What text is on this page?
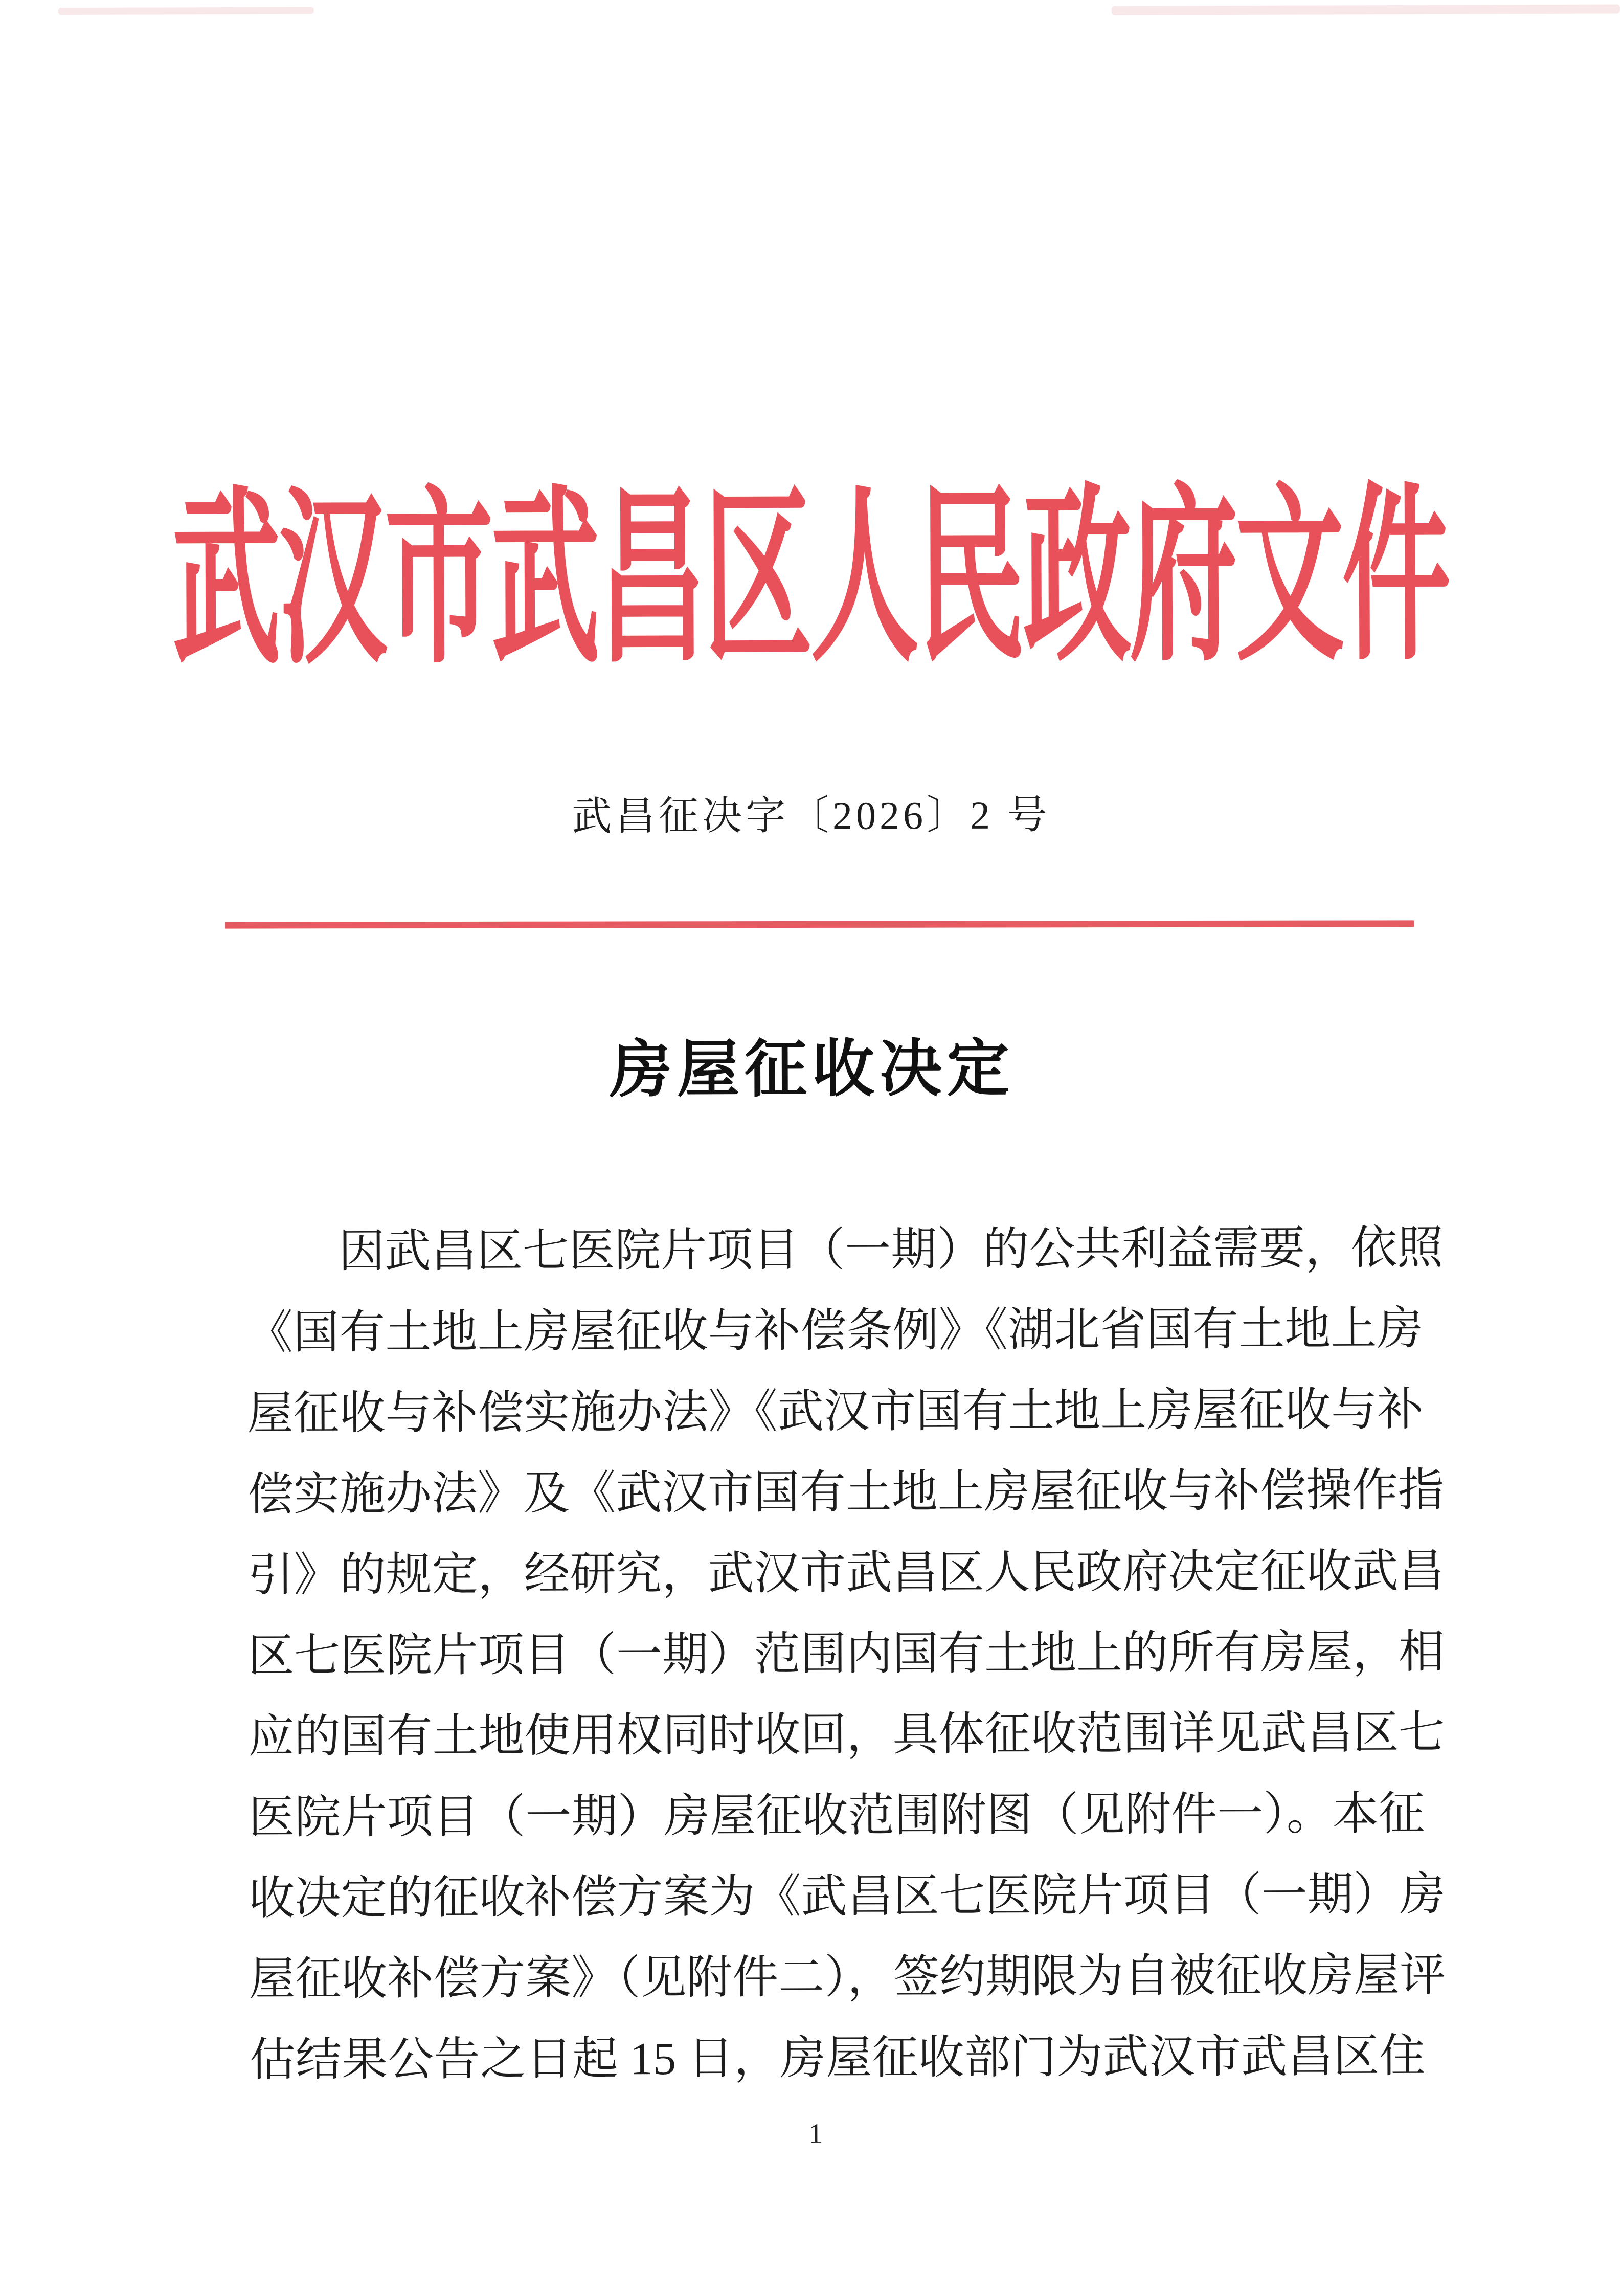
武汉市武昌区人民政府文件
武昌征决字〔2026〕2 号
房屋征收决定
因武昌区七医院片项目（一期）的公共利益需要，依照
《国有土地上房屋征收与补偿条例》《湖北省国有土地上房
屋征收与补偿实施办法》《武汉市国有土地上房屋征收与补
偿实施办法》及《武汉市国有土地上房屋征收与补偿操作指
引》的规定，经研究，武汉市武昌区人民政府决定征收武昌
区七医院片项目（一期）范围内国有土地上的所有房屋，相
应的国有土地使用权同时收回，具体征收范围详见武昌区七
医院片项目（一期）房屋征收范围附图（见附件一）。本征
收决定的征收补偿方案为《武昌区七医院片项目（一期）房
屋征收补偿方案》（见附件二），签约期限为自被征收房屋评
估结果公告之日起 15 日，房屋征收部门为武汉市武昌区住
1
